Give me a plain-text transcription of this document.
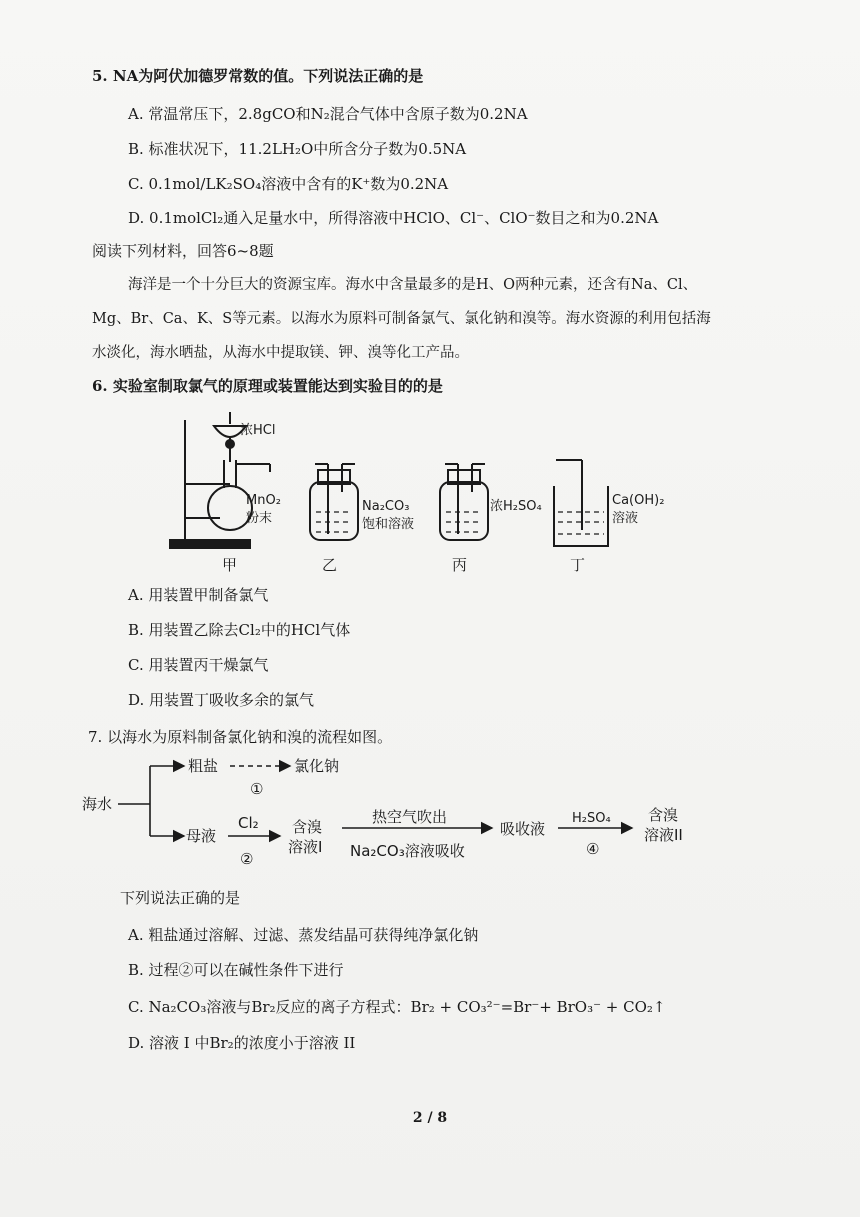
5. NA为阿伏加德罗常数的值。下列说法正确的是
A. 常温常压下，2.8gCO和N₂混合气体中含原子数为0.2NA
B. 标准状况下，11.2LH₂O中所含分子数为0.5NA
C. 0.1mol/LK₂SO₄溶液中含有的K⁺数为0.2NA
D. 0.1molCl₂通入足量水中，所得溶液中HClO、Cl⁻、ClO⁻数目之和为0.2NA
阅读下列材料，回答6~8题
海洋是一个十分巨大的资源宝库。海水中含量最多的是H、O两种元素，还含有Na、Cl、
Mg、Br、Ca、K、S等元素。以海水为原料可制备氯气、氯化钠和溴等。海水资源的利用包括海
水淡化，海水晒盐，从海水中提取镁、钾、溴等化工产品。
6. 实验室制取氯气的原理或装置能达到实验目的的是
浓HCl
MnO₂
粉末
Na₂CO₃
饱和溶液
浓H₂SO₄	Ca(OH)₂
溶液
甲	乙	丙	丁
A. 用装置甲制备氯气
B. 用装置乙除去Cl₂中的HCl气体
C. 用装置丙干燥氯气
D. 用装置丁吸收多余的氯气
7. 以海水为原料制备氯化钠和溴的流程如图。
海水
粗盐
①
氯化钠
母液
Cl₂
②
含溴
溶液I
热空气吹出
Na₂CO₃溶液吸收
吸收液
H₂SO₄
④
含溴
溶液II
下列说法正确的是
A. 粗盐通过溶解、过滤、蒸发结晶可获得纯净氯化钠
B. 过程②可以在碱性条件下进行
C. Na₂CO₃溶液与Br₂反应的离子方程式：Br₂ + CO₃²⁻=Br⁻+ BrO₃⁻ + CO₂↑
D. 溶液 I 中Br₂的浓度小于溶液 II
2 / 8
